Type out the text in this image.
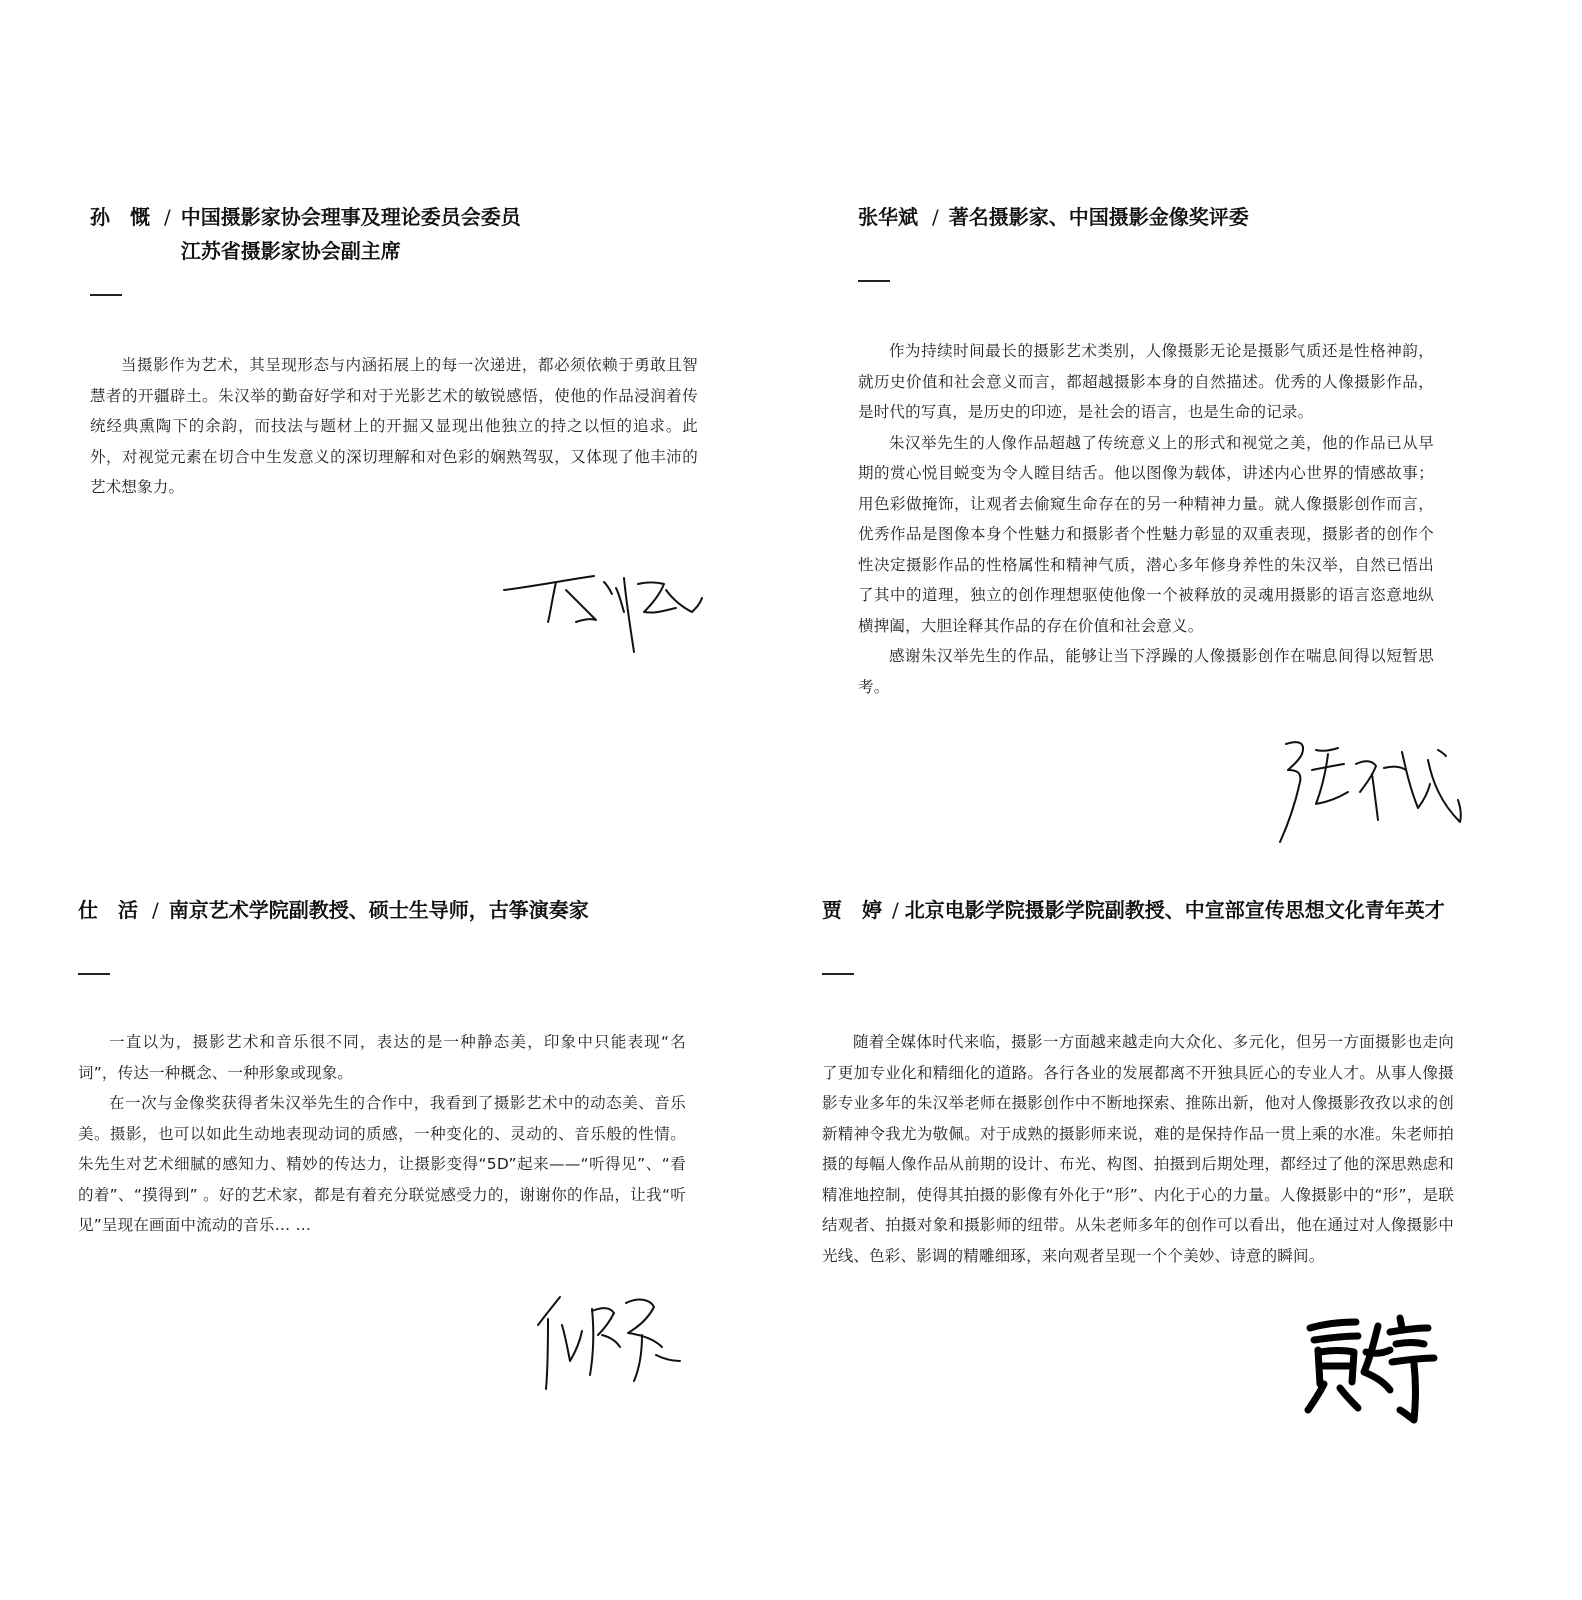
孙　慨 / 中国摄影家协会理事及理论委员会委员
江苏省摄影家协会副主席

当摄影作为艺术，其呈现形态与内涵拓展上的每一次递进，都必须依赖于勇敢且智慧者的开疆辟土。朱汉举的勤奋好学和对于光影艺术的敏锐感悟，使他的作品浸润着传统经典熏陶下的余韵，而技法与题材上的开掘又显现出他独立的持之以恒的追求。此外，对视觉元素在切合中生发意义的深切理解和对色彩的娴熟驾驭，又体现了他丰沛的艺术想象力。

张华斌 / 著名摄影家、中国摄影金像奖评委

作为持续时间最长的摄影艺术类别，人像摄影无论是摄影气质还是性格神韵，就历史价值和社会意义而言，都超越摄影本身的自然描述。优秀的人像摄影作品，是时代的写真，是历史的印迹，是社会的语言，也是生命的记录。

朱汉举先生的人像作品超越了传统意义上的形式和视觉之美，他的作品已从早期的赏心悦目蜕变为令人瞠目结舌。他以图像为载体，讲述内心世界的情感故事；用色彩做掩饰，让观者去偷窥生命存在的另一种精神力量。就人像摄影创作而言，优秀作品是图像本身个性魅力和摄影者个性魅力彰显的双重表现，摄影者的创作个性决定摄影作品的性格属性和精神气质，潜心多年修身养性的朱汉举，自然已悟出了其中的道理，独立的创作理想驱使他像一个被释放的灵魂用摄影的语言恣意地纵横捭阖，大胆诠释其作品的存在价值和社会意义。

感谢朱汉举先生的作品，能够让当下浮躁的人像摄影创作在喘息间得以短暂思考。

仕　活 / 南京艺术学院副教授、硕士生导师，古筝演奏家

一直以为，摄影艺术和音乐很不同，表达的是一种静态美，印象中只能表现“名词”，传达一种概念、一种形象或现象。

在一次与金像奖获得者朱汉举先生的合作中，我看到了摄影艺术中的动态美、音乐美。摄影，也可以如此生动地表现动词的质感，一种变化的、灵动的、音乐般的性情。 朱先生对艺术细腻的感知力、精妙的传达力，让摄影变得“5D”起来——“听得见”、“看的着”、“摸得到” 。好的艺术家，都是有着充分联觉感受力的，谢谢你的作品，让我“听见”呈现在画面中流动的音乐… …

贾　婷 / 北京电影学院摄影学院副教授、中宣部宣传思想文化青年英才

随着全媒体时代来临，摄影一方面越来越走向大众化、多元化，但另一方面摄影也走向了更加专业化和精细化的道路。各行各业的发展都离不开独具匠心的专业人才。从事人像摄影专业多年的朱汉举老师在摄影创作中不断地探索、推陈出新，他对人像摄影孜孜以求的创新精神令我尤为敬佩。对于成熟的摄影师来说，难的是保持作品一贯上乘的水准。朱老师拍摄的每幅人像作品从前期的设计、布光、构图、拍摄到后期处理，都经过了他的深思熟虑和精准地控制，使得其拍摄的影像有外化于“形”、内化于心的力量。人像摄影中的“形”，是联结观者、拍摄对象和摄影师的纽带。从朱老师多年的创作可以看出，他在通过对人像摄影中光线、色彩、影调的精雕细琢，来向观者呈现一个个美妙、诗意的瞬间。
